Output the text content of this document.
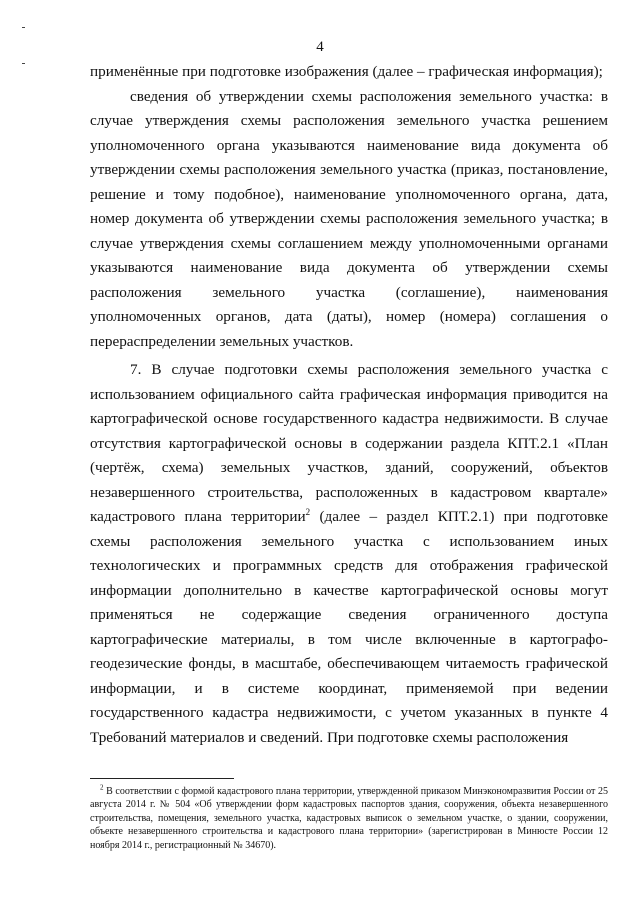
4

применённые при подготовке изображения (далее – графическая информация);

сведения об утверждении схемы расположения земельного участка: в случае утверждения схемы расположения земельного участка решением уполномоченного органа указываются наименование вида документа об утверждении схемы расположения земельного участка (приказ, постановление, решение и тому подобное), наименование уполномоченного органа, дата, номер документа об утверждении схемы расположения земельного участка; в случае утверждения схемы соглашением между уполномоченными органами указываются наименование вида документа об утверждении схемы расположения земельного участка (соглашение), наименования уполномоченных органов, дата (даты), номер (номера) соглашения о перераспределении земельных участков.

7. В случае подготовки схемы расположения земельного участка с использованием официального сайта графическая информация приводится на картографической основе государственного кадастра недвижимости. В случае отсутствия картографической основы в содержании раздела КПТ.2.1 «План (чертёж, схема) земельных участков, зданий, сооружений, объектов незавершенного строительства, расположенных в кадастровом квартале» кадастрового плана территории$^2$ (далее – раздел КПТ.2.1) при подготовке схемы расположения земельного участка с использованием иных технологических и программных средств для отображения графической информации дополнительно в качестве картографической основы могут применяться не содержащие сведения ограниченного доступа картографические материалы, в том числе включенные в картографо-геодезические фонды, в масштабе, обеспечивающем читаемость графической информации, и в системе координат, применяемой при ведении государственного кадастра недвижимости, с учетом указанных в пункте 4 Требований материалов и сведений. При подготовке схемы расположения

$^2$ В соответствии с формой кадастрового плана территории, утвержденной приказом Минэкономразвития России от 25 августа 2014 г. № 504 «Об утверждении форм кадастровых паспортов здания, сооружения, объекта незавершенного строительства, помещения, земельного участка, кадастровых выписок о земельном участке, о здании, сооружении, объекте незавершенного строительства и кадастрового плана территории» (зарегистрирован в Минюсте России 12 ноября 2014 г., регистрационный № 34670).
